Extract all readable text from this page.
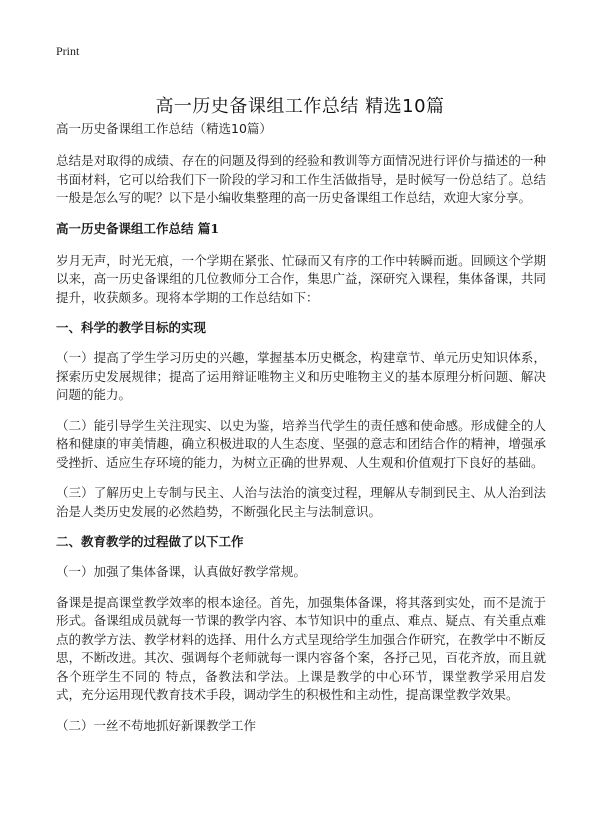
Print
高一历史备课组工作总结 精选10篇
高一历史备课组工作总结（精选10篇）

总结是对取得的成绩、存在的问题及得到的经验和教训等方面情况进行评价与描述的一种书面材料，它可以给我们下一阶段的学习和工作生活做指导，是时候写一份总结了。总结一般是怎么写的呢？以下是小编收集整理的高一历史备课组工作总结，欢迎大家分享。

高一历史备课组工作总结 篇1

岁月无声，时光无痕，一个学期在紧张、忙碌而又有序的工作中转瞬而逝。回顾这个学期以来，高一历史备课组的几位教师分工合作，集思广益，深研究入课程，集体备课，共同提升，收获颇多。现将本学期的工作总结如下：

一、科学的教学目标的实现

（一）提高了学生学习历史的兴趣，掌握基本历史概念，构建章节、单元历史知识体系，探索历史发展规律；提高了运用辩证唯物主义和历史唯物主义的基本原理分析问题、解决问题的能力。

（二）能引导学生关注现实、以史为鉴，培养当代学生的责任感和使命感。形成健全的人格和健康的审美情趣，确立积极进取的人生态度、坚强的意志和团结合作的精神，增强承受挫折、适应生存环境的能力，为树立正确的世界观、人生观和价值观打下良好的基础。

（三）了解历史上专制与民主、人治与法治的演变过程，理解从专制到民主、从人治到法治是人类历史发展的必然趋势，不断强化民主与法制意识。

二、教育教学的过程做了以下工作

（一）加强了集体备课，认真做好教学常规。

备课是提高课堂教学效率的根本途径。首先，加强集体备课，将其落到实处，而不是流于形式。备课组成员就每一节课的教学内容、本节知识中的重点、难点、疑点、有关重点难点的教学方法、教学材料的选择、用什么方式呈现给学生加强合作研究，在教学中不断反思，不断改进。其次、强调每个老师就每一课内容备个案，各抒己见，百花齐放，而且就各个班学生不同的 特点，备教法和学法。上课是教学的中心环节，课堂教学采用启发式，充分运用现代教育技术手段，调动学生的积极性和主动性，提高课堂教学效果。

（二）一丝不苟地抓好新课教学工作
